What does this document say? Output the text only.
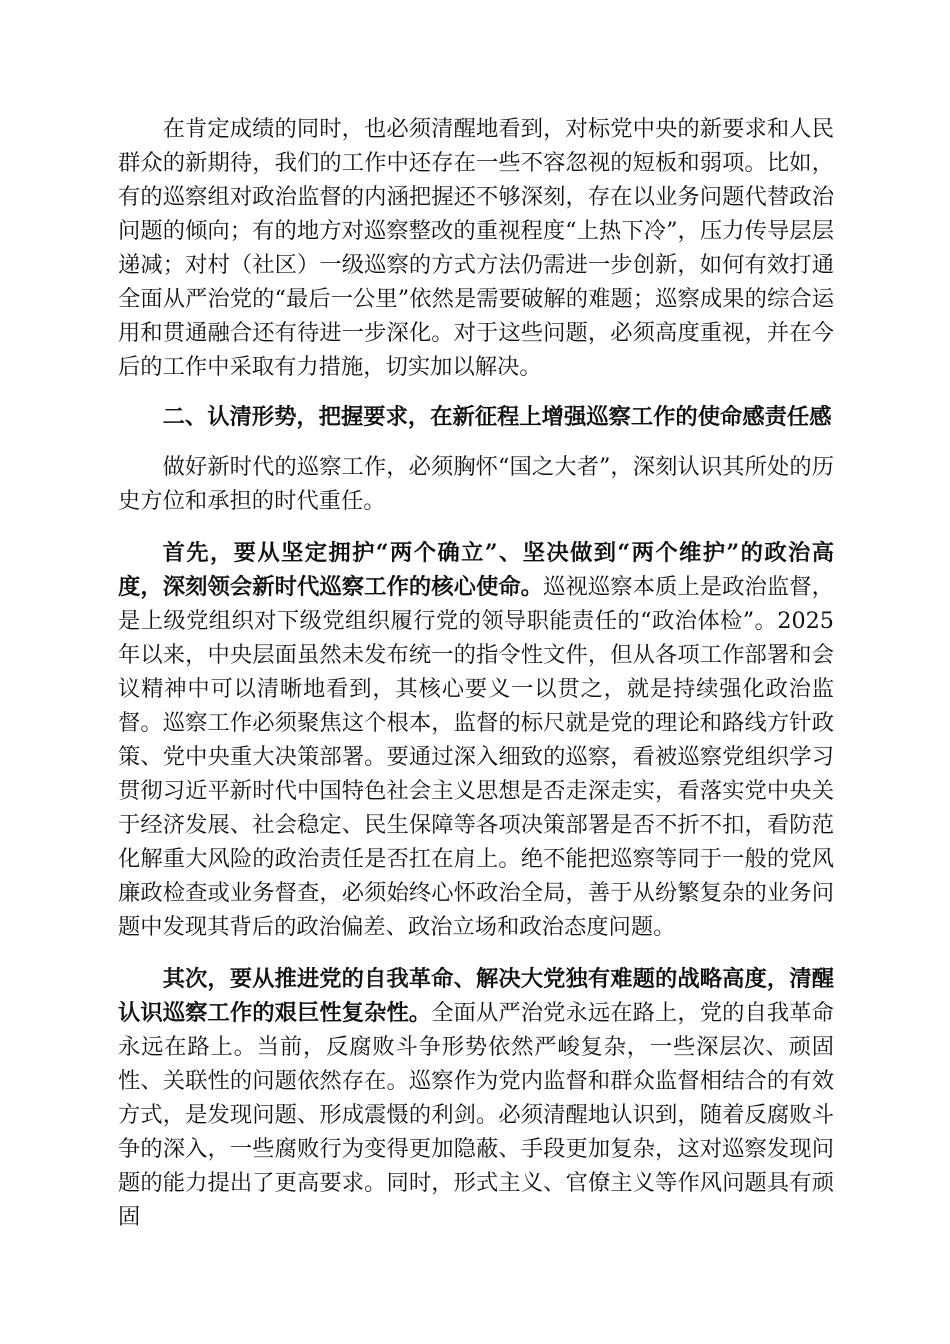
在肯定成绩的同时，也必须清醒地看到，对标党中央的新要求和人民群众的新期待，我们的工作中还存在一些不容忽视的短板和弱项。比如，有的巡察组对政治监督的内涵把握还不够深刻，存在以业务问题代替政治问题的倾向；有的地方对巡察整改的重视程度“上热下冷”，压力传导层层递减；对村（社区）一级巡察的方式方法仍需进一步创新，如何有效打通全面从严治党的“最后一公里”依然是需要破解的难题；巡察成果的综合运用和贯通融合还有待进一步深化。对于这些问题，必须高度重视，并在今后的工作中采取有力措施，切实加以解决。

二、认清形势，把握要求，在新征程上增强巡察工作的使命感责任感

做好新时代的巡察工作，必须胸怀“国之大者”，深刻认识其所处的历史方位和承担的时代重任。

首先，要从坚定拥护“两个确立”、坚决做到“两个维护”的政治高度，深刻领会新时代巡察工作的核心使命。巡视巡察本质上是政治监督，是上级党组织对下级党组织履行党的领导职能责任的“政治体检”。2025年以来，中央层面虽然未发布统一的指令性文件，但从各项工作部署和会议精神中可以清晰地看到，其核心要义一以贯之，就是持续强化政治监督。巡察工作必须聚焦这个根本，监督的标尺就是党的理论和路线方针政策、党中央重大决策部署。要通过深入细致的巡察，看被巡察党组织学习贯彻习近平新时代中国特色社会主义思想是否走深走实，看落实党中央关于经济发展、社会稳定、民生保障等各项决策部署是否不折不扣，看防范化解重大风险的政治责任是否扛在肩上。绝不能把巡察等同于一般的党风廉政检查或业务督查，必须始终心怀政治全局，善于从纷繁复杂的业务问题中发现其背后的政治偏差、政治立场和政治态度问题。

其次，要从推进党的自我革命、解决大党独有难题的战略高度，清醒认识巡察工作的艰巨性复杂性。全面从严治党永远在路上，党的自我革命永远在路上。当前，反腐败斗争形势依然严峻复杂，一些深层次、顽固性、关联性的问题依然存在。巡察作为党内监督和群众监督相结合的有效方式，是发现问题、形成震慑的利剑。必须清醒地认识到，随着反腐败斗争的深入，一些腐败行为变得更加隐蔽、手段更加复杂，这对巡察发现问题的能力提出了更高要求。同时，形式主义、官僚主义等作风问题具有顽固
